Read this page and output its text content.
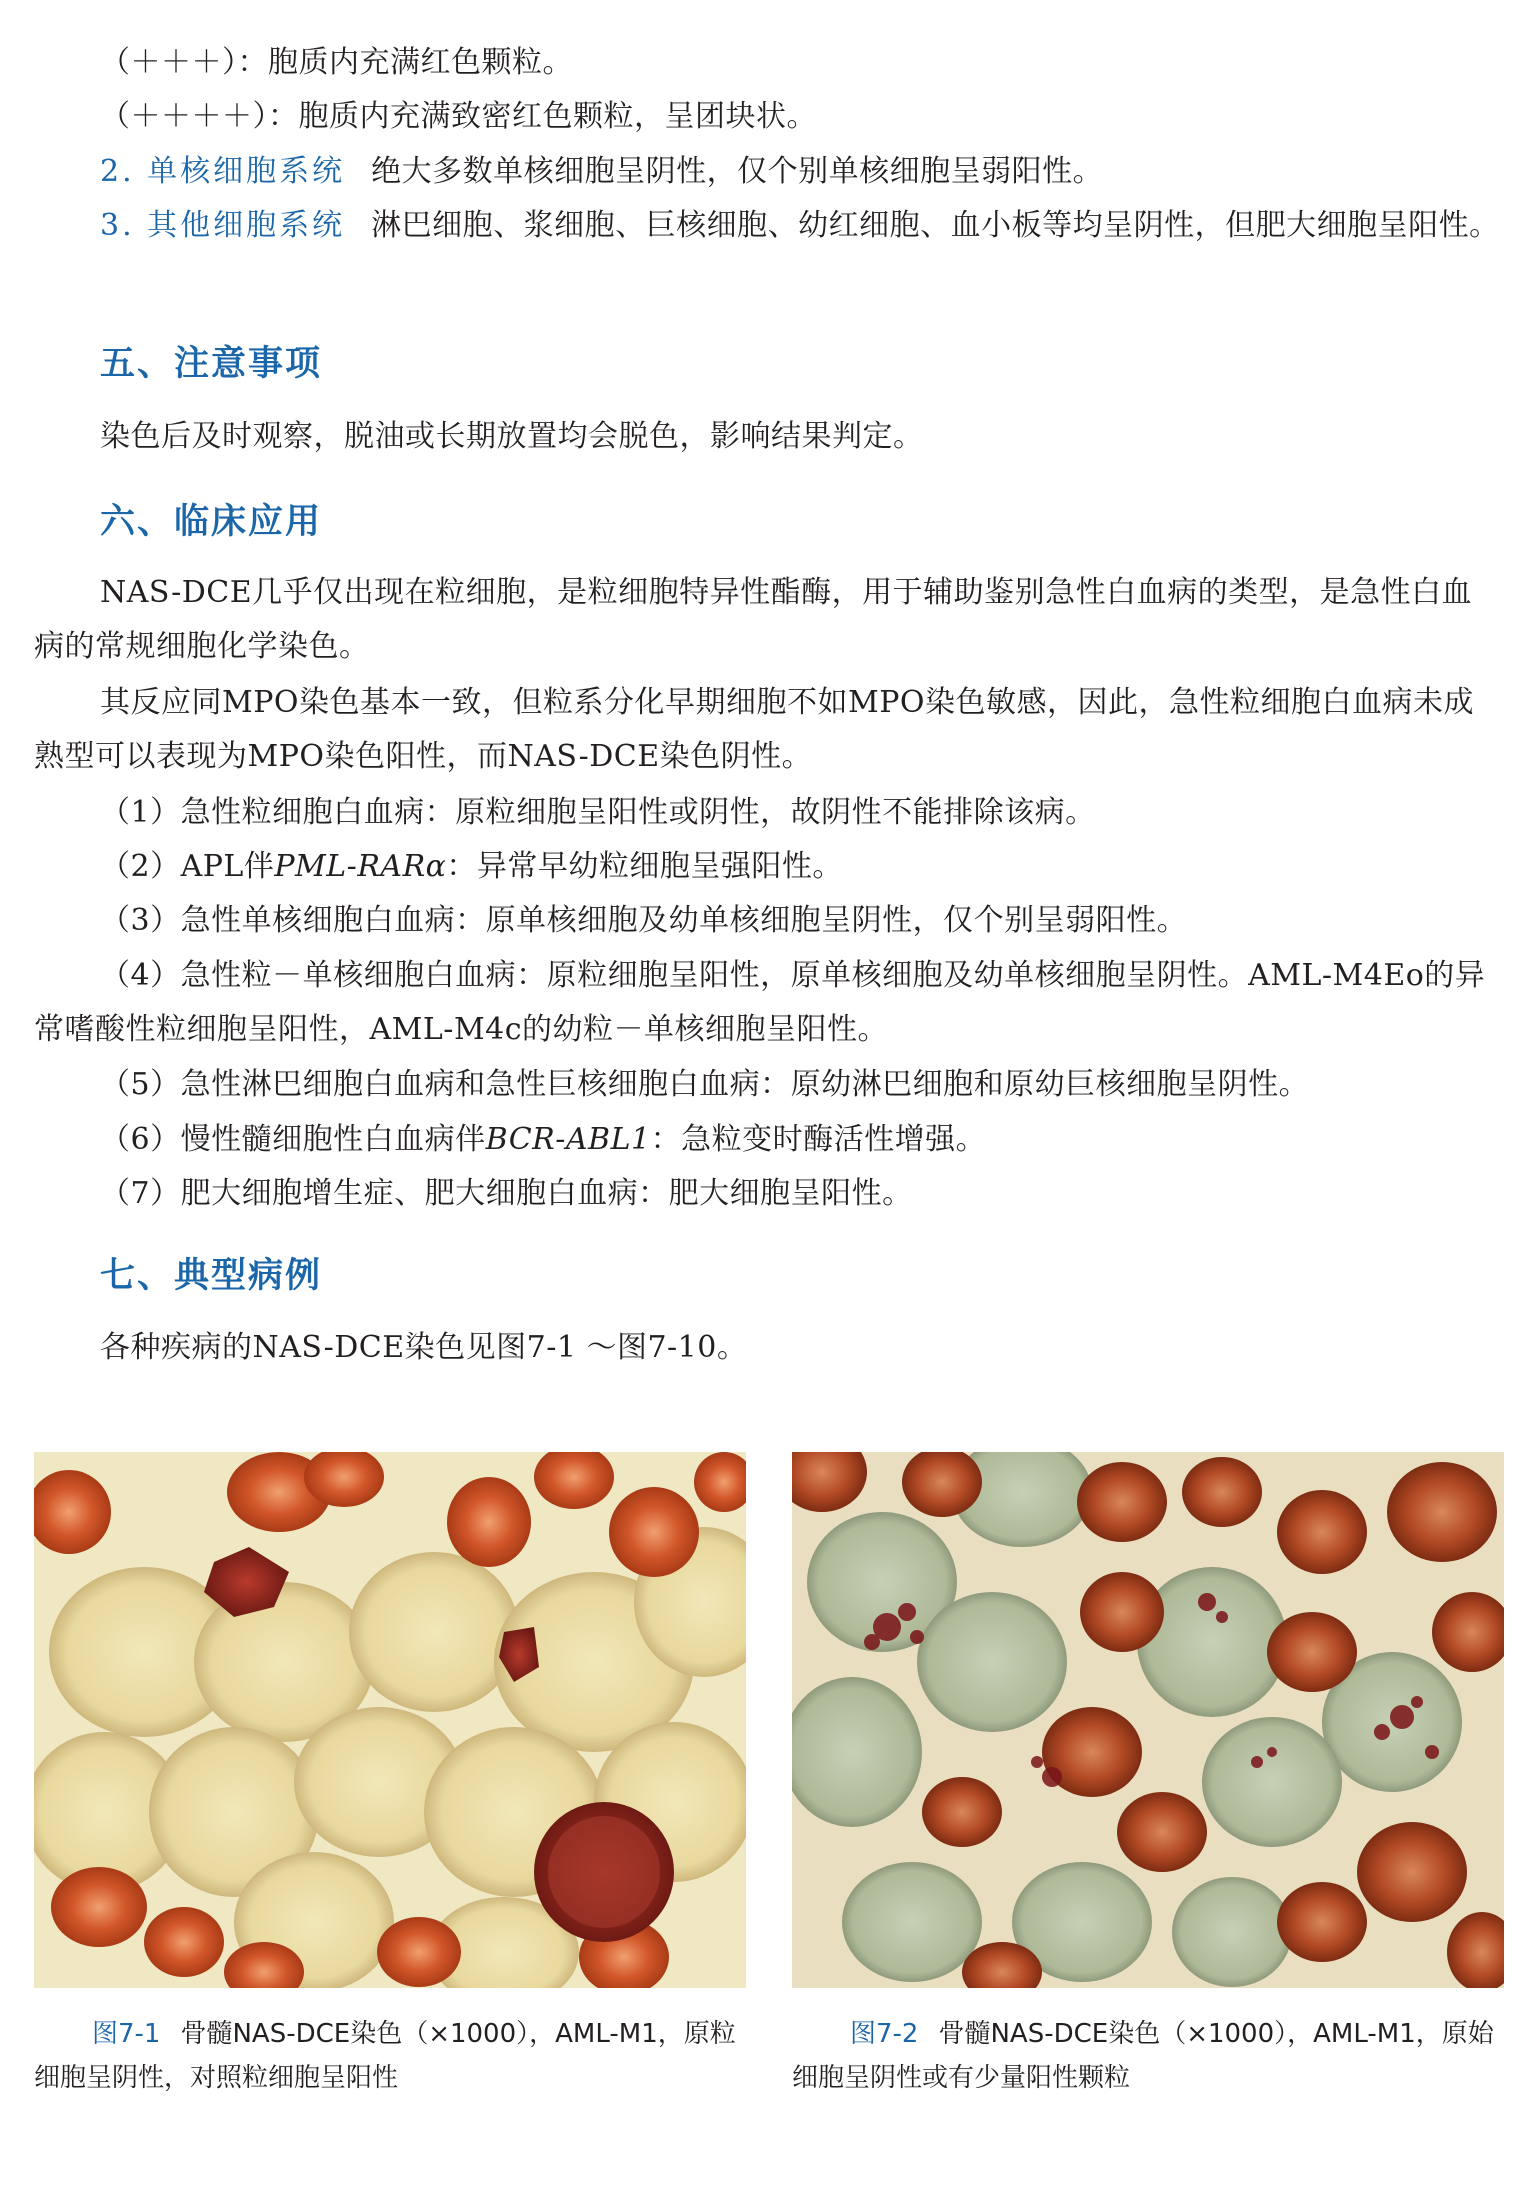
（＋＋＋）：胞质内充满红色颗粒。

（＋＋＋＋）：胞质内充满致密红色颗粒，呈团块状。

2. 单核细胞系统 绝大多数单核细胞呈阴性，仅个别单核细胞呈弱阳性。

3. 其他细胞系统 淋巴细胞、浆细胞、巨核细胞、幼红细胞、血小板等均呈阴性，但肥大细胞呈阳性。

五、注意事项

染色后及时观察，脱油或长期放置均会脱色，影响结果判定。

六、临床应用

NAS-DCE几乎仅出现在粒细胞，是粒细胞特异性酯酶，用于辅助鉴别急性白血病的类型，是急性白血病的常规细胞化学染色。

其反应同MPO染色基本一致，但粒系分化早期细胞不如MPO染色敏感，因此，急性粒细胞白血病未成熟型可以表现为MPO染色阳性，而NAS-DCE染色阴性。

（1）急性粒细胞白血病：原粒细胞呈阳性或阴性，故阴性不能排除该病。

（2）APL伴PML-RARα：异常早幼粒细胞呈强阳性。

（3）急性单核细胞白血病：原单核细胞及幼单核细胞呈阴性，仅个别呈弱阳性。

（4）急性粒－单核细胞白血病：原粒细胞呈阳性，原单核细胞及幼单核细胞呈阴性。AML-M4Eo的异常嗜酸性粒细胞呈阳性，AML-M4c的幼粒－单核细胞呈阳性。

（5）急性淋巴细胞白血病和急性巨核细胞白血病：原幼淋巴细胞和原幼巨核细胞呈阴性。

（6）慢性髓细胞性白血病伴BCR-ABL1：急粒变时酶活性增强。

（7）肥大细胞增生症、肥大细胞白血病：肥大细胞呈阳性。

七、典型病例

各种疾病的NAS-DCE染色见图7-1 ～图7-10。

图7-1 骨髓NAS-DCE染色（×1000），AML-M1，原粒细胞呈阴性，对照粒细胞呈阳性
图7-2 骨髓NAS-DCE染色（×1000），AML-M1，原始细胞呈阴性或有少量阳性颗粒
